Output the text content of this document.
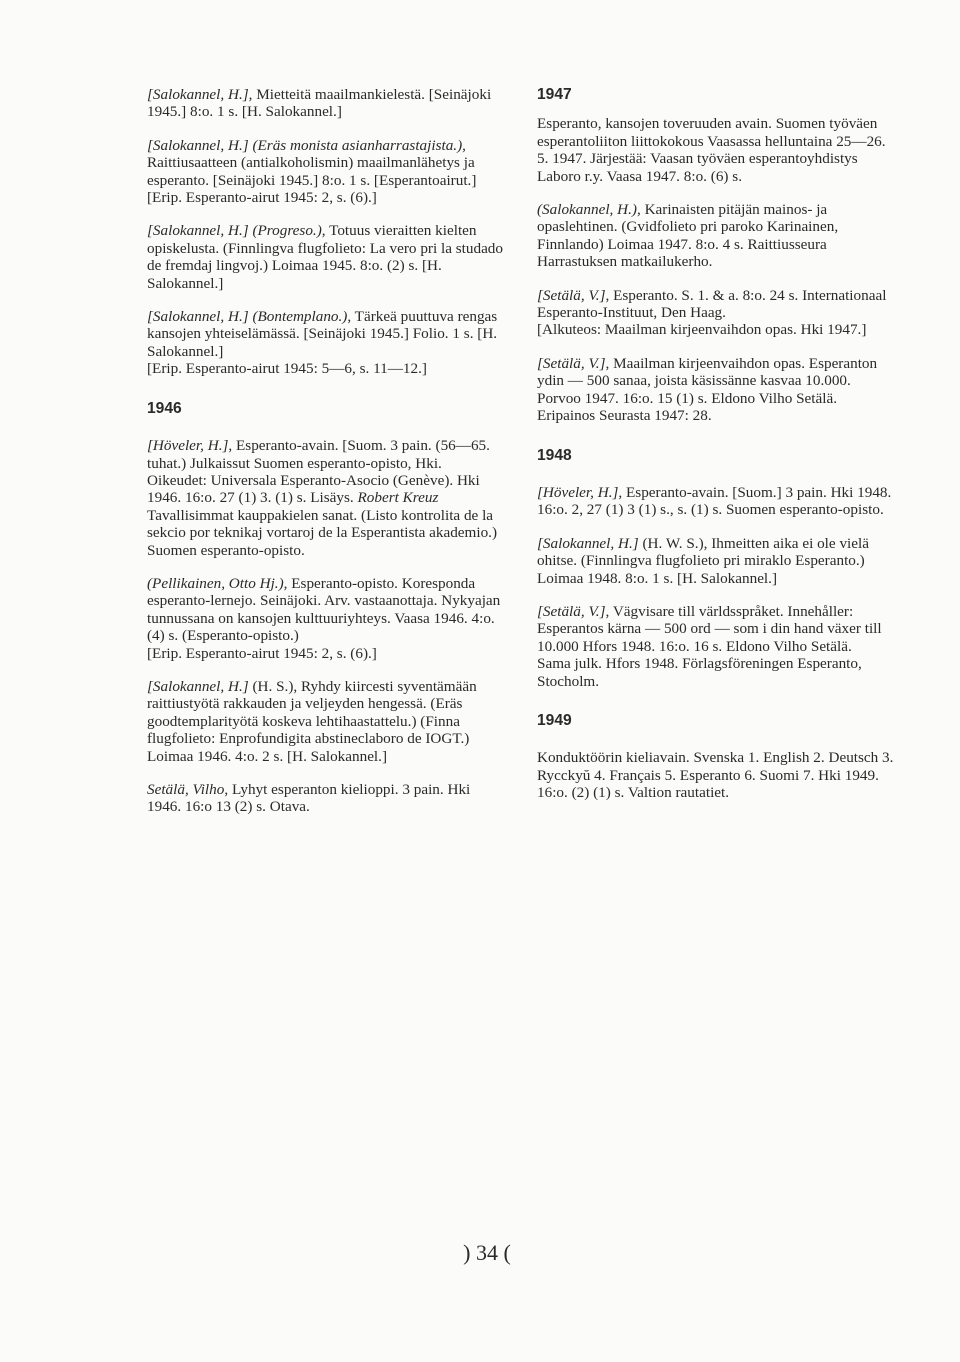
[Salokannel, H.], Mietteitä maailmankielestä. [Seinäjoki 1945.] 8:o. 1 s. [H. Salokannel.]

[Salokannel, H.] (Eräs monista asianharrastajista.), Raittiusaatteen (antialkoholismin) maailmanlähetys ja esperanto. [Seinäjoki 1945.] 8:o. 1 s. [Esperantoairut.]

[Erip. Esperanto-airut 1945: 2, s. (6).]

[Salokannel, H.] (Progreso.), Totuus vieraitten kielten opiskelusta. (Finnlingva flugfolieto: La vero pri la studado de fremdaj lingvoj.) Loimaa 1945. 8:o. (2) s. [H. Salokannel.]

[Salokannel, H.] (Bontemplano.), Tärkeä puuttuva rengas kansojen yhteiselämässä. [Seinäjoki 1945.] Folio. 1 s. [H. Salokannel.]

[Erip. Esperanto-airut 1945: 5—6, s. 11—12.]

1946

[Höveler, H.], Esperanto-avain. [Suom. 3 pain. (56—65. tuhat.) Julkaissut Suomen esperanto-opisto, Hki. Oikeudet: Universala Esperanto-Asocio (Genève). Hki 1946. 16:o. 27 (1) 3. (1) s. Lisäys. Robert Kreuz Tavallisimmat kauppakielen sanat. (Listo kontrolita de la sekcio por teknikaj vortaroj de la Esperantista akademio.) Suomen esperanto-opisto.

(Pellikainen, Otto Hj.), Esperanto-opisto. Koresponda esperanto-lernejo. Seinäjoki. Arv. vastaanottaja. Nykyajan tunnussana on kansojen kulttuuriyhteys. Vaasa 1946. 4:o. (4) s. (Esperanto-opisto.)

[Erip. Esperanto-airut 1945: 2, s. (6).]

[Salokannel, H.] (H. S.), Ryhdy kiircesti syventämään raittiustyötä rakkauden ja veljeyden hengessä. (Eräs goodtemplarityötä koskeva lehtihaastattelu.) (Finna flugfolieto: Enprofundigita abstineclaboro de IOGT.) Loimaa 1946. 4:o. 2 s. [H. Salokannel.]

Setälä, Vilho, Lyhyt esperanton kielioppi. 3 pain. Hki 1946. 16:o 13 (2) s. Otava.

1947

Esperanto, kansojen toveruuden avain. Suomen työväen esperantoliiton liittokokous Vaasassa helluntaina 25—26. 5. 1947. Järjestää: Vaasan työväen esperantoyhdistys Laboro r.y. Vaasa 1947. 8:o. (6) s.

(Salokannel, H.), Karinaisten pitäjän mainos- ja opaslehtinen. (Gvidfolieto pri paroko Karinainen, Finnlando) Loimaa 1947. 8:o. 4 s. Raittiusseura Harrastuksen matkailukerho.

[Setälä, V.], Esperanto. S. 1. & a. 8:o. 24 s. Internationaal Esperanto-Instituut, Den Haag.

[Alkuteos: Maailman kirjeenvaihdon opas. Hki 1947.]

[Setälä, V.], Maailman kirjeenvaihdon opas. Esperanton ydin — 500 sanaa, joista käsissänne kasvaa 10.000. Porvoo 1947. 16:o. 15 (1) s. Eldono Vilho Setälä.

Eripainos Seurasta 1947: 28.

1948

[Höveler, H.], Esperanto-avain. [Suom.] 3 pain. Hki 1948. 16:o. 2, 27 (1) 3 (1) s., s. (1) s. Suomen esperanto-opisto.

[Salokannel, H.] (H. W. S.), Ihmeitten aika ei ole vielä ohitse. (Finnlingva flugfolieto pri miraklo Esperanto.) Loimaa 1948. 8:o. 1 s. [H. Salokannel.]

[Setälä, V.], Vägvisare till världsspråket. Innehåller: Esperantos kärna — 500 ord — som i din hand växer till 10.000 Hfors 1948. 16:o. 16 s. Eldono Vilho Setälä.

Sama julk. Hfors 1948. Förlagsföreningen Esperanto, Stocholm.

1949

Konduktöörin kieliavain. Svenska 1. English 2. Deutsch 3. Rycckyŭ 4. Français 5. Esperanto 6. Suomi 7. Hki 1949. 16:o. (2) (1) s. Valtion rautatiet.

) 34 (
